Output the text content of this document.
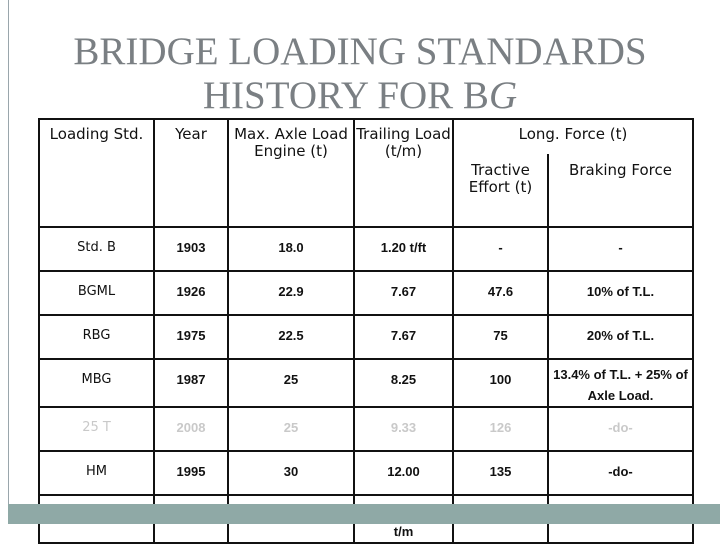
BRIDGE LOADING STANDARDS
HISTORY FOR BG
Loading Std.	Year	Max. Axle Load Engine (t)	Trailing Load (t/m)	Long. Force (t)	
				Tractive Effort (t)	Braking Force
Std. B	1903	18.0	1.20 t/ft	-	-
BGML	1926	22.9	7.67	47.6	10% of T.L.
RBG	1975	22.5	7.67	75	20% of T.L.
MBG	1987	25	8.25	100	13.4% of T.L. + 25% of Axle Load.
25 T	2008	25	9.33	126	-do-
HM	1995	30	12.00	135	-do-
			t/m		
